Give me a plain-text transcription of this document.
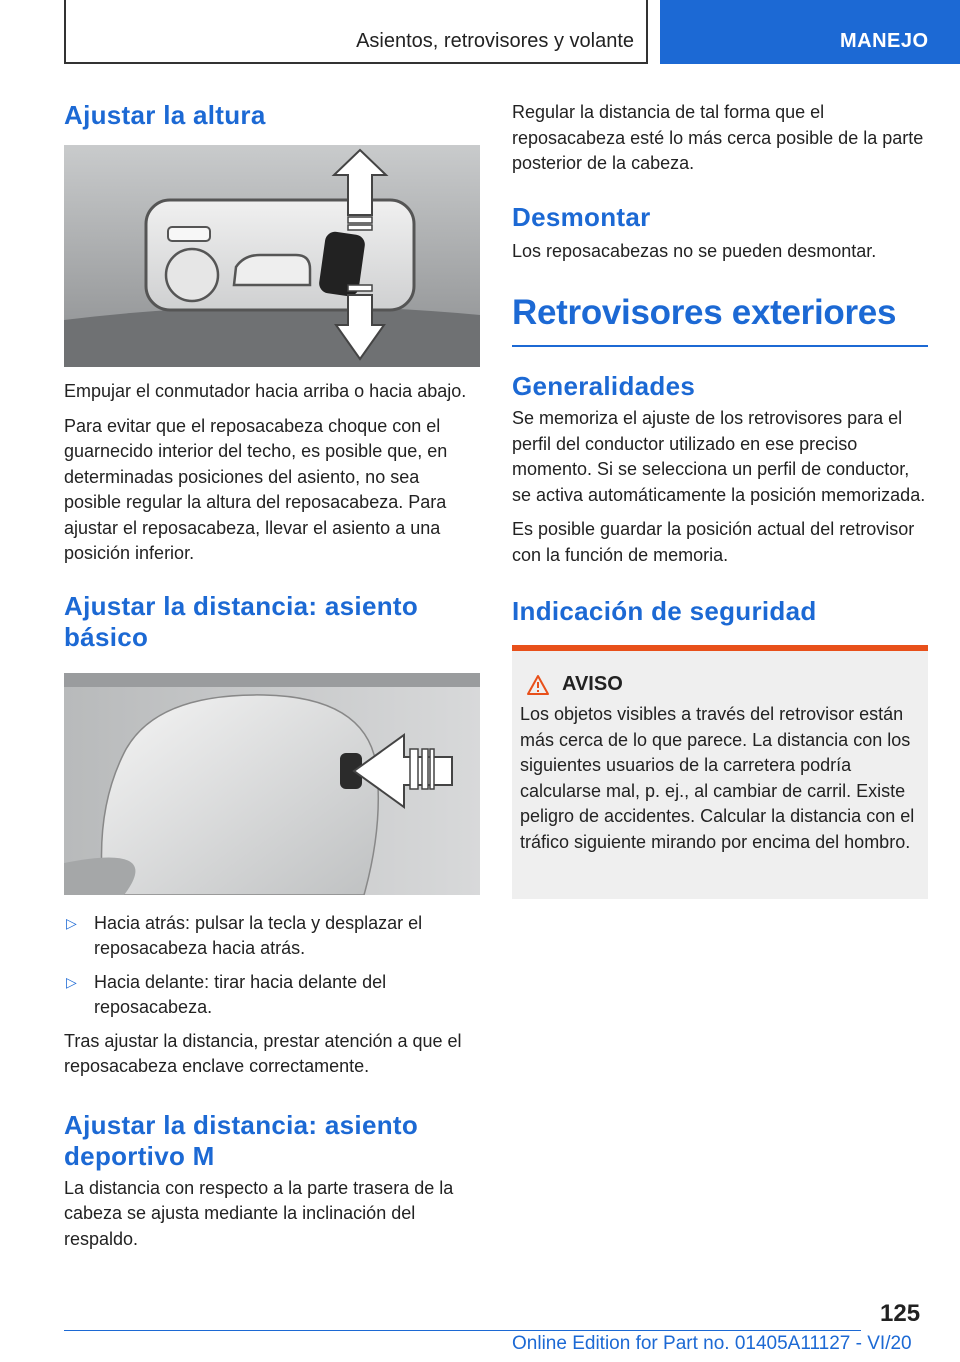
Asientos, retrovisores y volante	MANEJO
Ajustar la altura

Empujar el conmutador hacia arriba o hacia abajo.

Para evitar que el reposacabeza choque con el guarnecido interior del techo, es posible que, en determinadas posiciones del asiento, no sea posible regular la altura del reposacabeza. Para ajustar el reposacabeza, llevar el asiento a una posición inferior.

Ajustar la distancia: asiento básico
▷ Hacia atrás: pulsar la tecla y desplazar el reposacabeza hacia atrás.
▷ Hacia delante: tirar hacia delante del reposacabeza.

Tras ajustar la distancia, prestar atención a que el reposacabeza enclave correctamente.

Ajustar la distancia: asiento deportivo M

La distancia con respecto a la parte trasera de la cabeza se ajusta mediante la inclinación del respaldo.

Regular la distancia de tal forma que el reposacabeza esté lo más cerca posible de la parte posterior de la cabeza.

Desmontar

Los reposacabezas no se pueden desmontar.

Retrovisores exteriores
Generalidades

Se memoriza el ajuste de los retrovisores para el perfil del conductor utilizado en ese preciso momento. Si se selecciona un perfil de conductor, se activa automáticamente la posición memorizada.

Es posible guardar la posición actual del retrovisor con la función de memoria.

Indicación de seguridad
AVISO

Los objetos visibles a través del retrovisor están más cerca de lo que parece. La distancia con los siguientes usuarios de la carretera podría calcularse mal, p. ej., al cambiar de carril. Existe peligro de accidentes. Calcular la distancia con el tráfico siguiente mirando por encima del hombro.

125
Online Edition for Part no. 01405A11127 - VI/20
